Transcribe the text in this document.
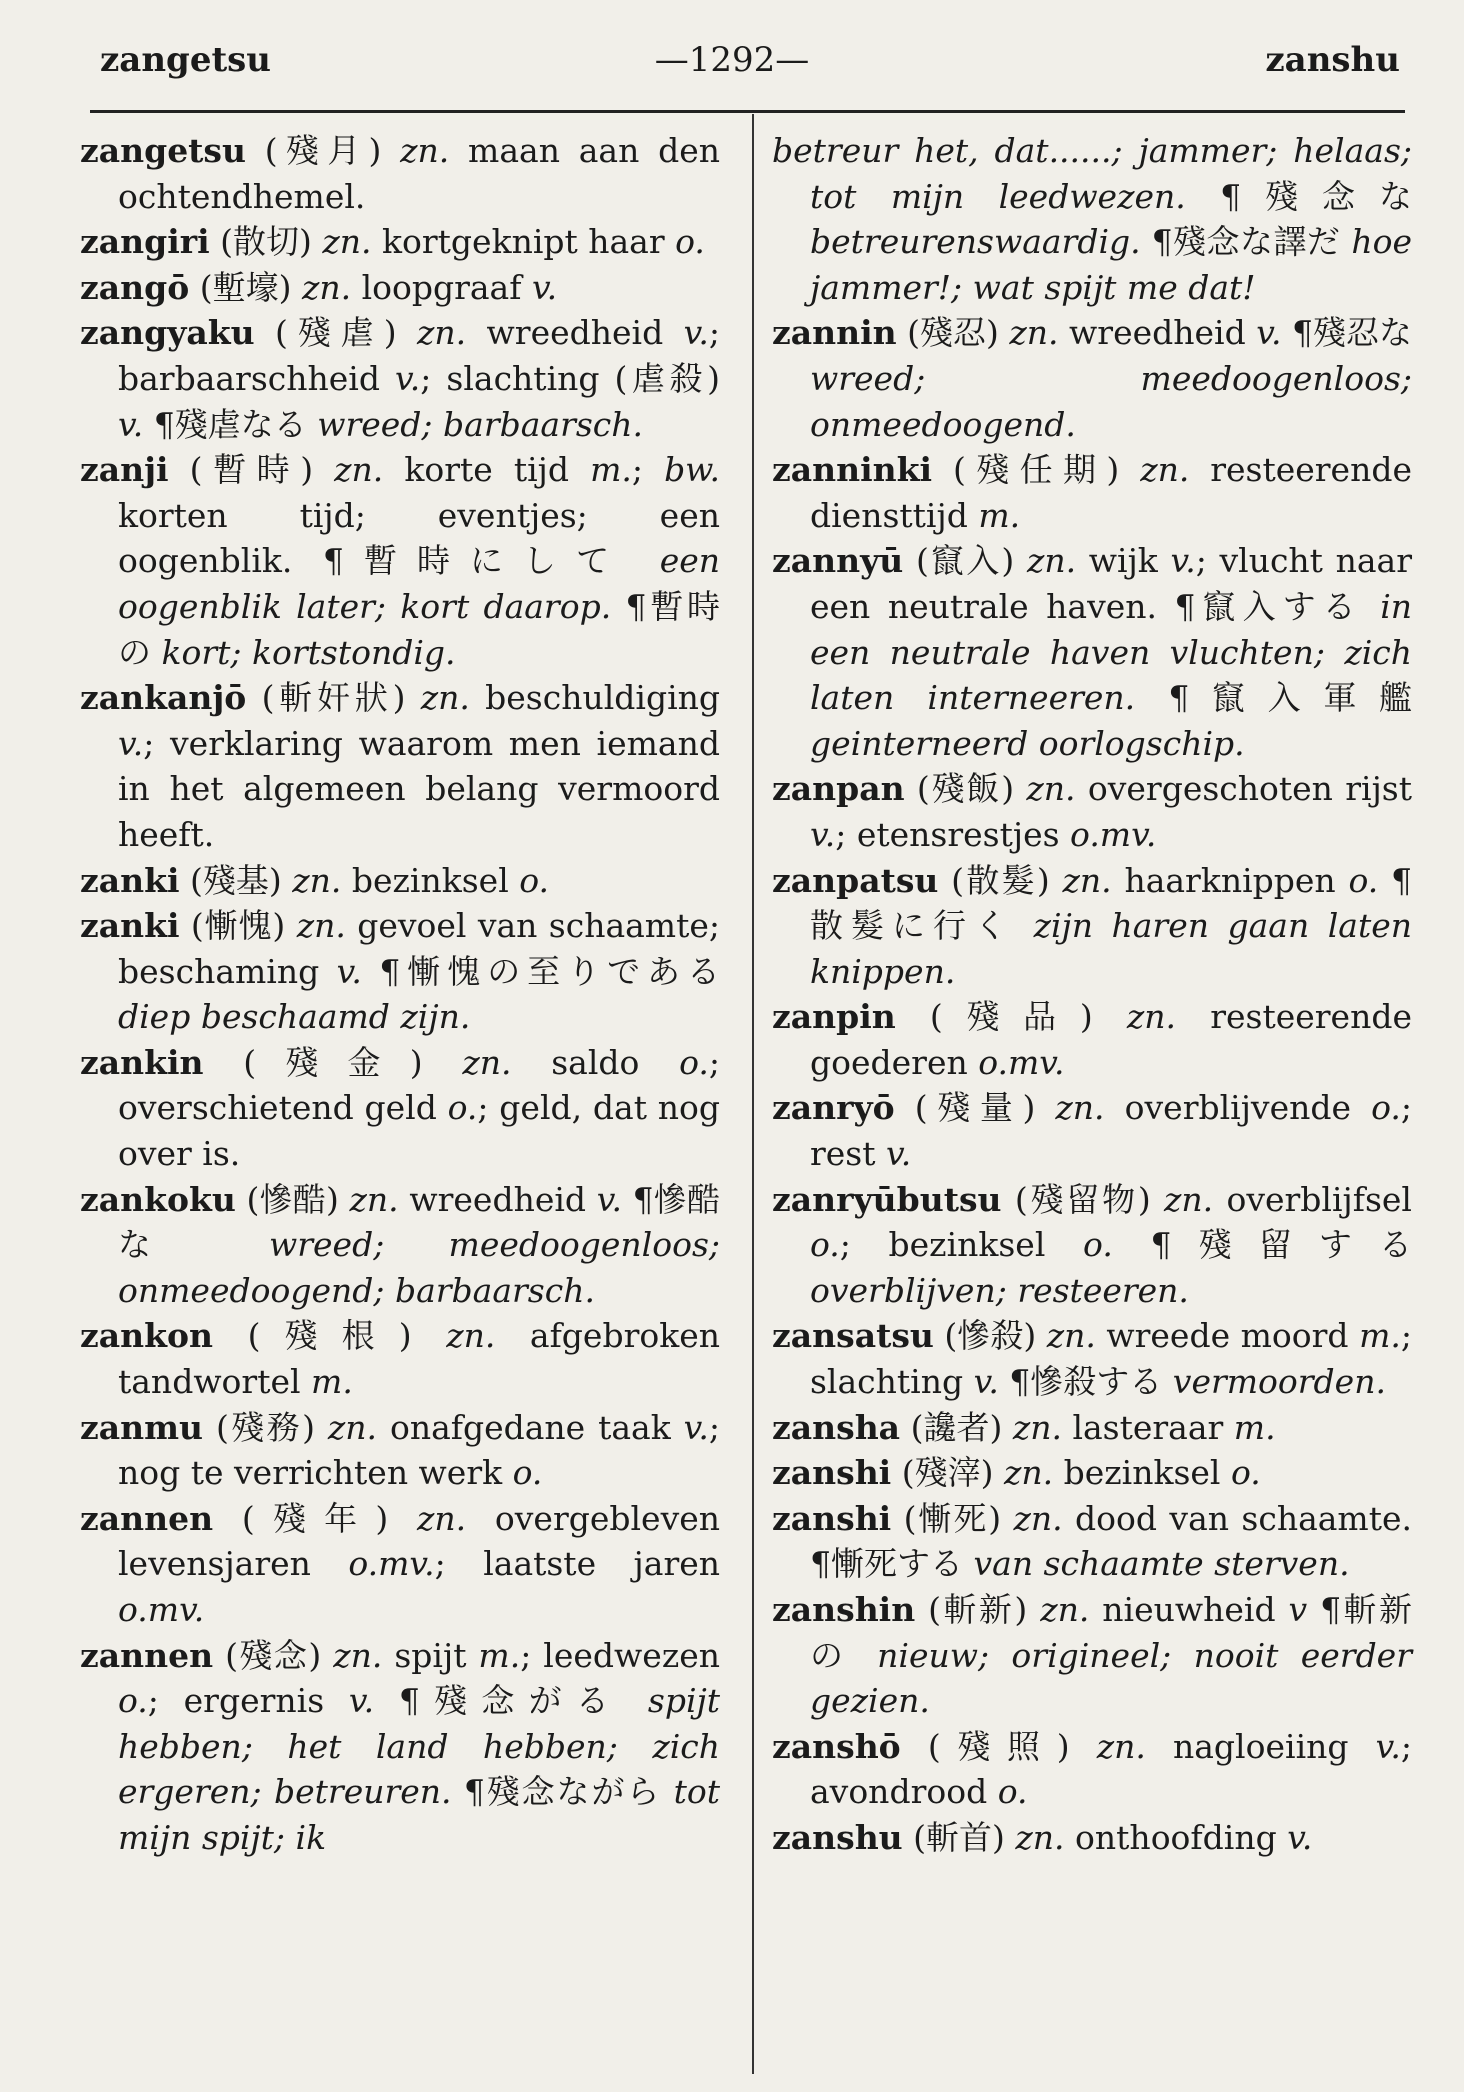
zangetsu	—1292—	zanshu

zangetsu (殘月) zn. maan aan den ochtendhemel.

zangiri (散切) zn. kortgeknipt haar o.

zangō (塹壕) zn. loopgraaf v.

zangyaku (殘虐) zn. wreedheid v.; barbaarschheid v.; slachting (虐殺) v. ¶殘虐なる wreed; barbaarsch.

zanji (暫時) zn. korte tijd m.; bw. korten tijd; eventjes; een oogenblik. ¶暫時にして een oogenblik later; kort daarop. ¶暫時の kort; kortstondig.

zankanjō (斬奸狀) zn. beschuldiging v.; verklaring waarom men iemand in het algemeen belang vermoord heeft.

zanki (殘基) zn. bezinksel o.

zanki (慚愧) zn. gevoel van schaamte; beschaming v. ¶慚愧の至りである diep beschaamd zijn.

zankin (殘金) zn. saldo o.; overschietend geld o.; geld, dat nog over is.

zankoku (慘酷) zn. wreedheid v. ¶慘酷な wreed; meedoogenloos; onmeedoogend; barbaarsch.

zankon (殘根) zn. afgebroken tandwortel m.

zanmu (殘務) zn. onafgedane taak v.; nog te verrichten werk o.

zannen (殘年) zn. overgebleven levensjaren o.mv.; laatste jaren o.mv.

zannen (殘念) zn. spijt m.; leedwezen o.; ergernis v. ¶殘念がる spijt hebben; het land hebben; zich ergeren; betreuren. ¶殘念ながら tot mijn spijt; ik

betreur het, dat......; jammer; helaas; tot mijn leedwezen. ¶殘念な betreurenswaardig. ¶殘念な譯だ hoe jammer!; wat spijt me dat!

zannin (殘忍) zn. wreedheid v. ¶殘忍な wreed; meedoogenloos; onmeedoogend.

zanninki (殘任期) zn. resteerende diensttijd m.

zannyū (竄入) zn. wijk v.; vlucht naar een neutrale haven. ¶竄入する in een neutrale haven vluchten; zich laten interneeren. ¶竄入軍艦 geinterneerd oorlogschip.

zanpan (殘飯) zn. overgeschoten rijst v.; etensrestjes o.mv.

zanpatsu (散髮) zn. haarknippen o. ¶散髮に行く zijn haren gaan laten knippen.

zanpin (殘品) zn. resteerende goederen o.mv.

zanryō (殘量) zn. overblijvende o.; rest v.

zanryūbutsu (殘留物) zn. overblijfsel o.; bezinksel o. ¶殘留する overblijven; resteeren.

zansatsu (慘殺) zn. wreede moord m.; slachting v. ¶慘殺する vermoorden.

zansha (讒者) zn. lasteraar m.

zanshi (殘滓) zn. bezinksel o.

zanshi (慚死) zn. dood van schaamte. ¶慚死する van schaamte sterven.

zanshin (斬新) zn. nieuwheid v ¶斬新の nieuw; origineel; nooit eerder gezien.

zanshō (殘照) zn. nagloeiing v.; avondrood o.

zanshu (斬首) zn. onthoofding v.
